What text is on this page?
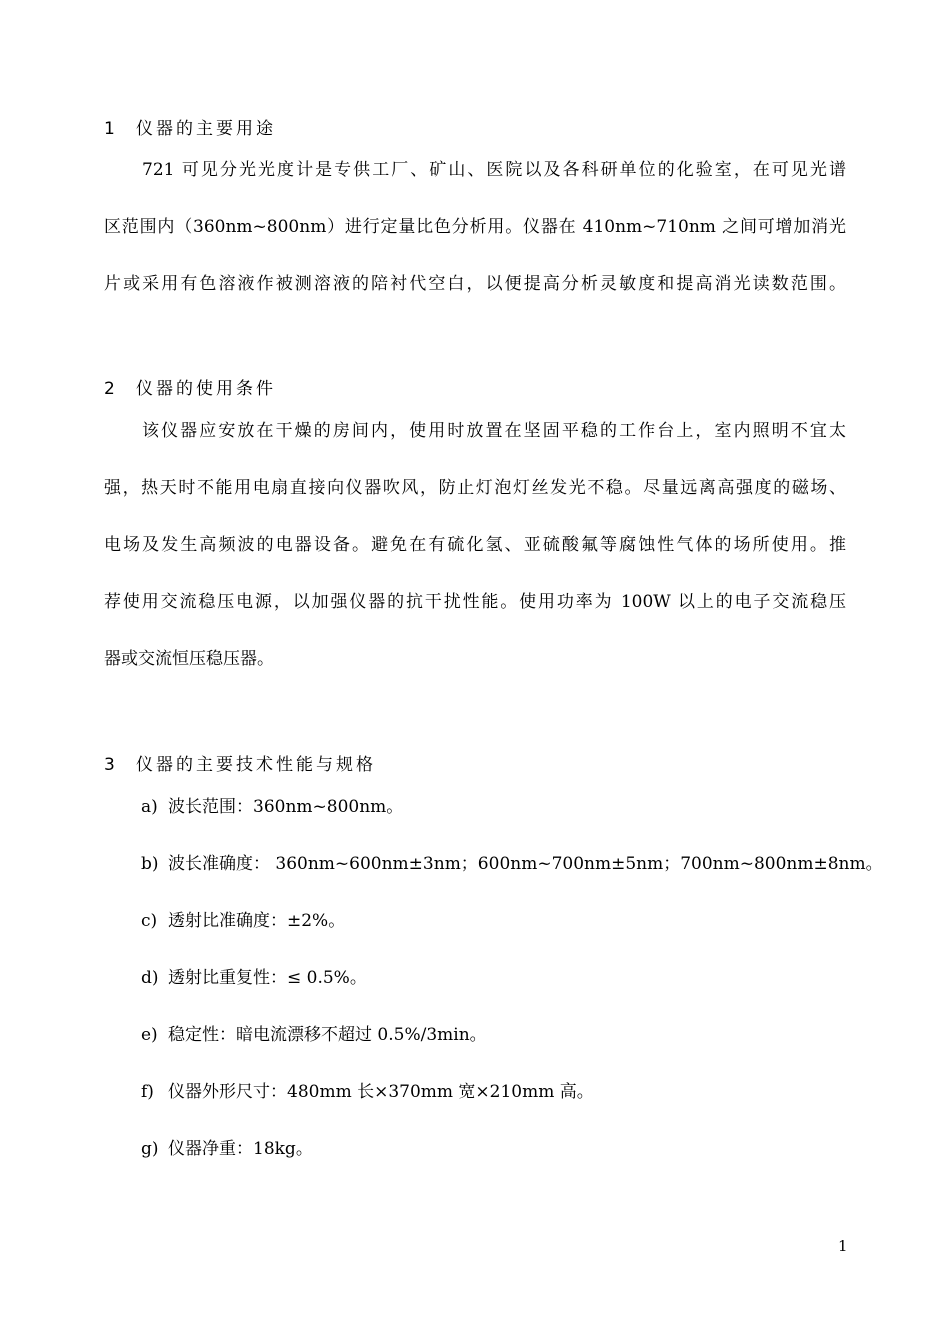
1 仪器的主要用途
721 可见分光光度计是专供工厂、矿山、医院以及各科研单位的化验室，在可见光谱
区范围内（360nm~800nm）进行定量比色分析用。仪器在 410nm~710nm 之间可增加消光
片或采用有色溶液作被测溶液的陪衬代空白，以便提高分析灵敏度和提高消光读数范围。
2 仪器的使用条件
该仪器应安放在干燥的房间内，使用时放置在坚固平稳的工作台上，室内照明不宜太
强，热天时不能用电扇直接向仪器吹风，防止灯泡灯丝发光不稳。尽量远离高强度的磁场、
电场及发生高频波的电器设备。避免在有硫化氢、亚硫酸氟等腐蚀性气体的场所使用。推
荐使用交流稳压电源，以加强仪器的抗干扰性能。使用功率为 100W 以上的电子交流稳压
器或交流恒压稳压器。
3 仪器的主要技术性能与规格
a) 波长范围：360nm~800nm。
b) 波长准确度： 360nm~600nm±3nm；600nm~700nm±5nm；700nm~800nm±8nm。
c) 透射比准确度：±2%。
d) 透射比重复性：≤ 0.5%。
e) 稳定性：暗电流漂移不超过 0.5%/3min。
f) 仪器外形尺寸：480mm 长×370mm 宽×210mm 高。
g) 仪器净重：18kg。
1
